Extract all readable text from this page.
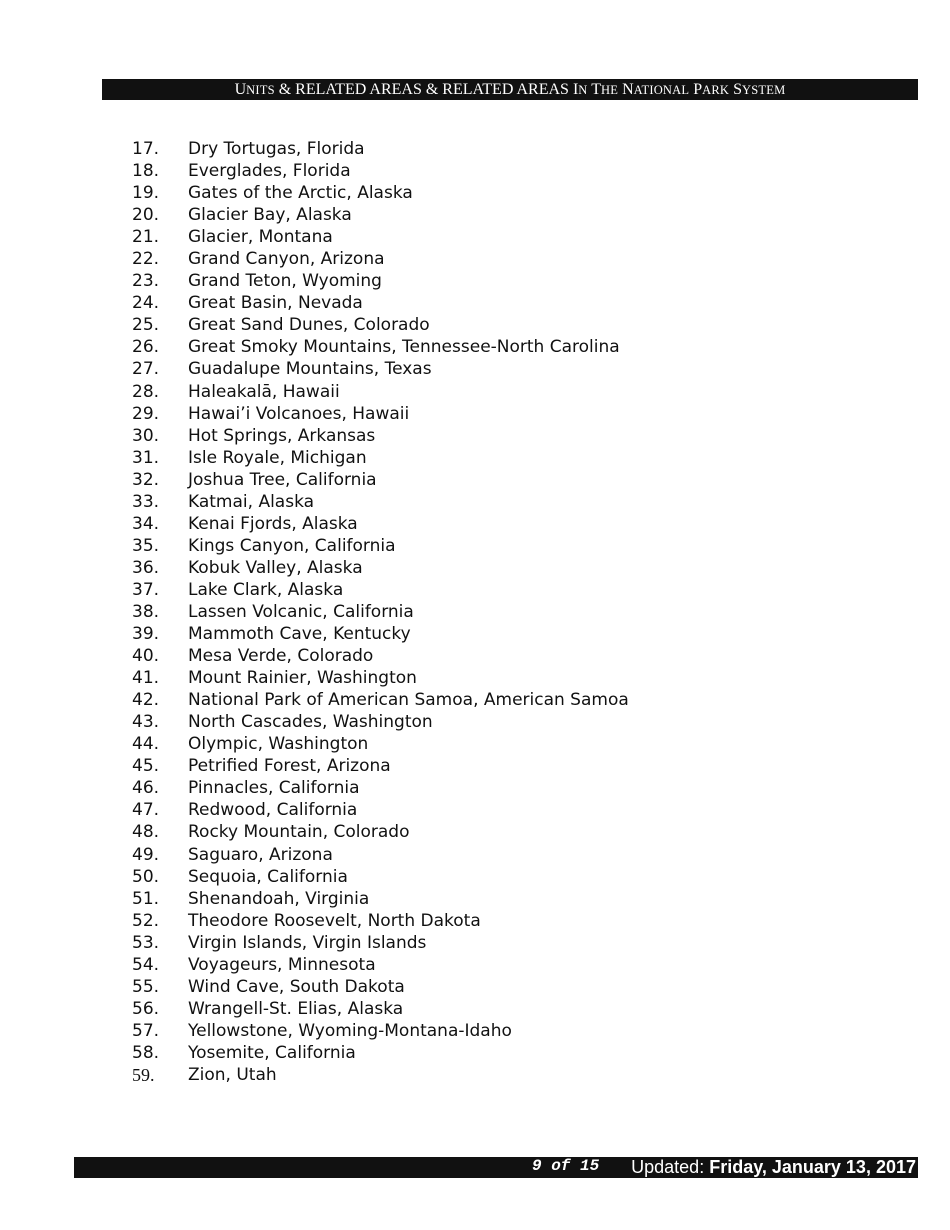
UNITS & RELATED AREAS & RELATED AREAS IN THE NATIONAL PARK SYSTEM
17. Dry Tortugas, Florida
18. Everglades, Florida
19. Gates of the Arctic, Alaska
20. Glacier Bay, Alaska
21. Glacier, Montana
22. Grand Canyon, Arizona
23. Grand Teton, Wyoming
24. Great Basin, Nevada
25. Great Sand Dunes, Colorado
26. Great Smoky Mountains, Tennessee-North Carolina
27. Guadalupe Mountains, Texas
28. Haleakalā, Hawaii
29. Hawai’i Volcanoes, Hawaii
30. Hot Springs, Arkansas
31. Isle Royale, Michigan
32. Joshua Tree, California
33. Katmai, Alaska
34. Kenai Fjords, Alaska
35. Kings Canyon, California
36. Kobuk Valley, Alaska
37. Lake Clark, Alaska
38. Lassen Volcanic, California
39. Mammoth Cave, Kentucky
40. Mesa Verde, Colorado
41. Mount Rainier, Washington
42. National Park of American Samoa, American Samoa
43. North Cascades, Washington
44. Olympic, Washington
45. Petrified Forest, Arizona
46. Pinnacles, California
47. Redwood, California
48. Rocky Mountain, Colorado
49. Saguaro, Arizona
50. Sequoia, California
51. Shenandoah, Virginia
52. Theodore Roosevelt, North Dakota
53. Virgin Islands, Virgin Islands
54. Voyageurs, Minnesota
55. Wind Cave, South Dakota
56. Wrangell-St. Elias, Alaska
57. Yellowstone, Wyoming-Montana-Idaho
58. Yosemite, California
59. Zion, Utah
9 of 15 Updated: Friday, January 13, 2017
